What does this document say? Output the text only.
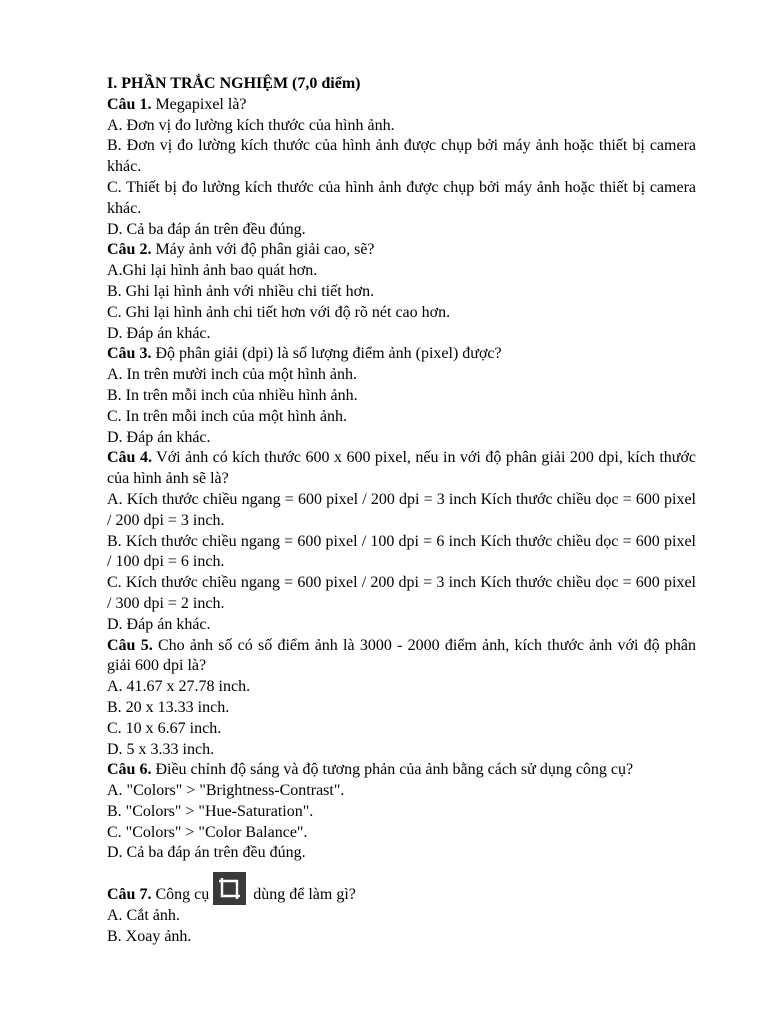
I. PHẦN TRẮC NGHIỆM (7,0 điểm)
Câu 1. Megapixel là?
A. Đơn vị đo lường kích thước của hình ảnh.
B. Đơn vị đo lường kích thước của hình ảnh được chụp bởi máy ảnh hoặc thiết bị camera khác.
C. Thiết bị đo lường kích thước của hình ảnh được chụp bởi máy ảnh hoặc thiết bị camera khác.
D. Cả ba đáp án trên đều đúng.
Câu 2. Máy ảnh với độ phân giải cao, sẽ?
A.Ghi lại hình ảnh bao quát hơn.
B. Ghi lại hình ảnh với nhiều chi tiết hơn.
C. Ghi lại hình ảnh chi tiết hơn với độ rõ nét cao hơn.
D. Đáp án khác.
Câu 3. Độ phân giải (dpi) là số lượng điểm ảnh (pixel) được?
A. In trên mười inch của một hình ảnh.
B. In trên mỗi inch của nhiều hình ảnh.
C. In trên mỗi inch của một hình ảnh.
D. Đáp án khác.
Câu 4. Với ảnh có kích thước 600 x 600 pixel, nếu in với độ phân giải 200 dpi, kích thước của hình ảnh sẽ là?
A. Kích thước chiều ngang = 600 pixel / 200 dpi = 3 inch Kích thước chiều dọc = 600 pixel / 200 dpi = 3 inch.
B. Kích thước chiều ngang = 600 pixel / 100 dpi = 6 inch Kích thước chiều dọc = 600 pixel / 100 dpi = 6 inch.
C. Kích thước chiều ngang = 600 pixel / 200 dpi = 3 inch Kích thước chiều dọc = 600 pixel / 300 dpi = 2 inch.
D. Đáp án khác.
Câu 5. Cho ảnh số có số điểm ảnh là 3000 - 2000 điểm ảnh, kích thước ảnh với độ phân giải 600 dpi là?
A. 41.67 x 27.78 inch.
B. 20 x 13.33 inch.
C. 10 x 6.67 inch.
D. 5 x 3.33 inch.
Câu 6. Điều chỉnh độ sáng và độ tương phản của ảnh bằng cách sử dụng công cụ?
A. "Colors" > "Brightness-Contrast".
B. "Colors" > "Hue-Saturation".
C. "Colors" > "Color Balance".
D. Cả ba đáp án trên đều đúng.
Câu 7. Công cụ	dùng để làm gì?
A. Cắt ảnh.
B. Xoay ảnh.
